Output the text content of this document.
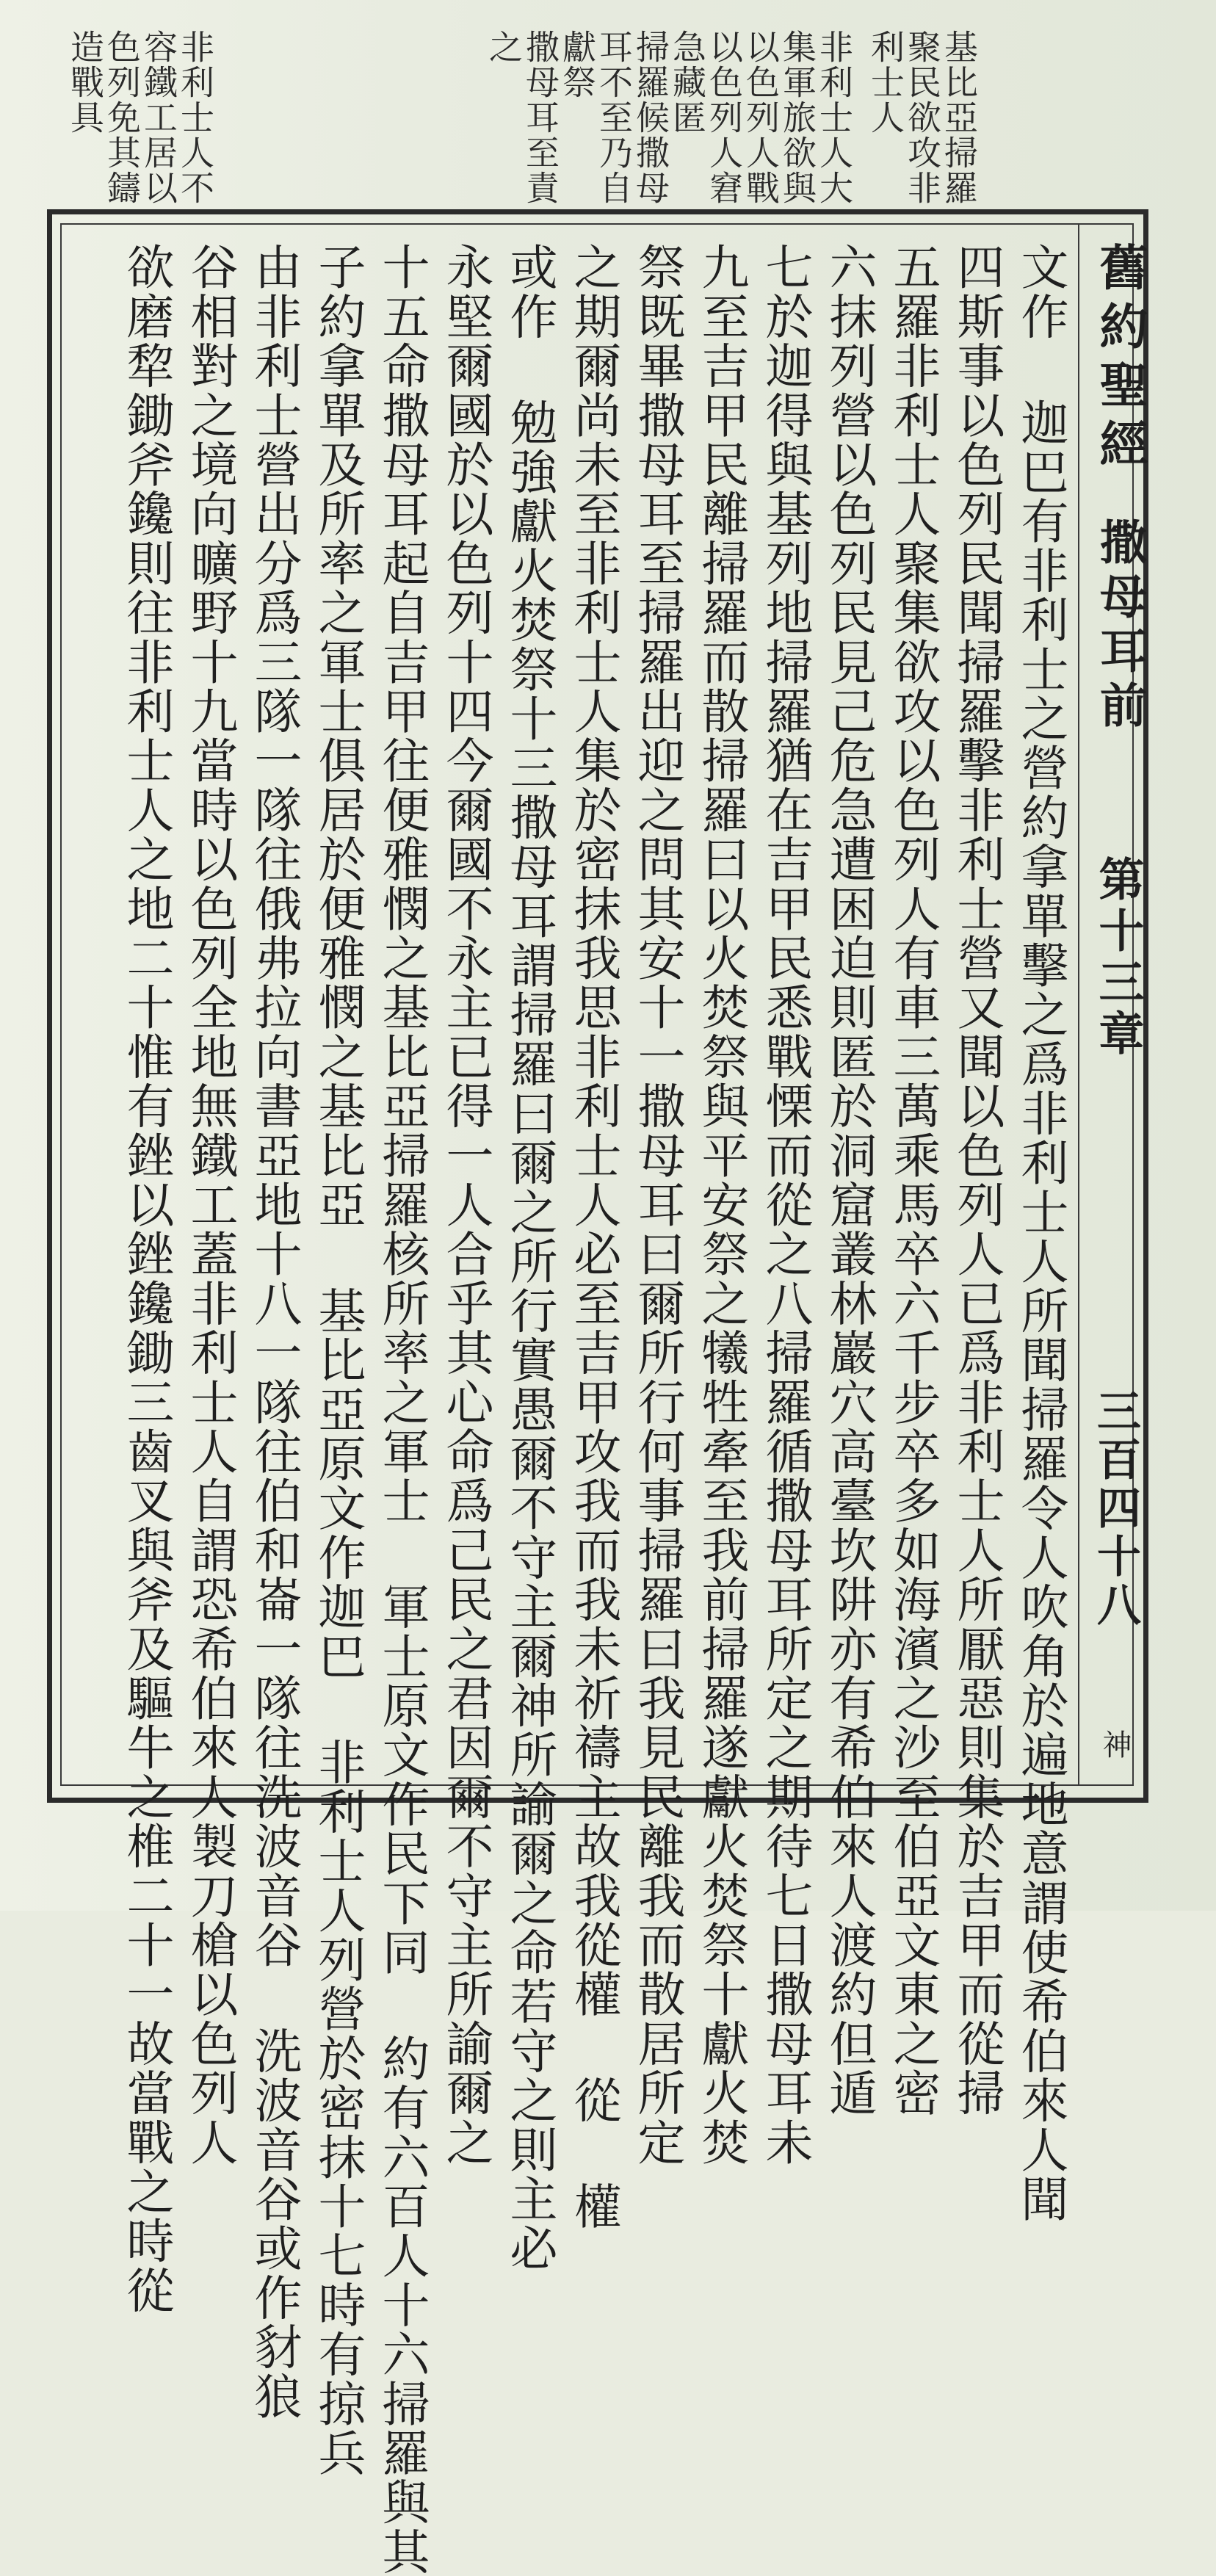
基比亞掃羅
聚民欲攻非
利士人
非利士人大
集軍旅欲與
以色列人戰
以色列人窘
急藏匿
掃羅候撒母
耳不至乃自
獻祭
撒母耳至責
之
非利士人不
容鐵工居以
色列免其鑄
造戰具
舊約聖經
撒母耳前
第十三章
三百四十八
神
文作 迦巴有非利士之營約拿單擊之爲非利士人所聞掃羅令人吹角於遍地意謂使希伯來人聞
四斯事以色列民聞掃羅擊非利士營又聞以色列人已爲非利士人所厭惡則集於吉甲而從掃
五羅非利士人聚集欲攻以色列人有車三萬乘馬卒六千步卒多如海濱之沙至伯亞文東之密
六抹列營以色列民見己危急遭困迫則匿於洞窟叢林巖穴高臺坎阱亦有希伯來人渡約但遁
七於迦得與基列地掃羅猶在吉甲民悉戰慄而從之八掃羅循撒母耳所定之期待七日撒母耳未
九至吉甲民離掃羅而散掃羅曰以火焚祭與平安祭之犧牲牽至我前掃羅遂獻火焚祭十獻火焚
祭既畢撒母耳至掃羅出迎之問其安十一撒母耳曰爾所行何事掃羅曰我見民離我而散居所定
之期爾尚未至非利士人集於密抹我思非利士人必至吉甲攻我而我未祈禱主故我從權 從 權
或作 勉強獻火焚祭十三撒母耳謂掃羅曰爾之所行實愚爾不守主爾神所諭爾之命若守之則主必
永堅爾國於以色列十四今爾國不永主已得一人合乎其心命爲己民之君因爾不守主所諭爾之
十五命撒母耳起自吉甲往便雅憫之基比亞掃羅核所率之軍士 軍士原文作民下同 約有六百人十六掃羅與其
子約拿單及所率之軍士俱居於便雅憫之基比亞 基比亞原文作迦巴 非利士人列營於密抹十七時有掠兵
由非利士營出分爲三隊一隊往俄弗拉向書亞地十八一隊往伯和崙一隊往洗波音谷 洗波音谷或作豺狼
谷相對之境向曠野十九當時以色列全地無鐵工蓋非利士人自謂恐希伯來人製刀槍以色列人
欲磨犂鋤斧鑱則往非利士人之地二十惟有銼以銼鑱鋤三齒叉與斧及驅牛之椎二十一故當戰之時從
